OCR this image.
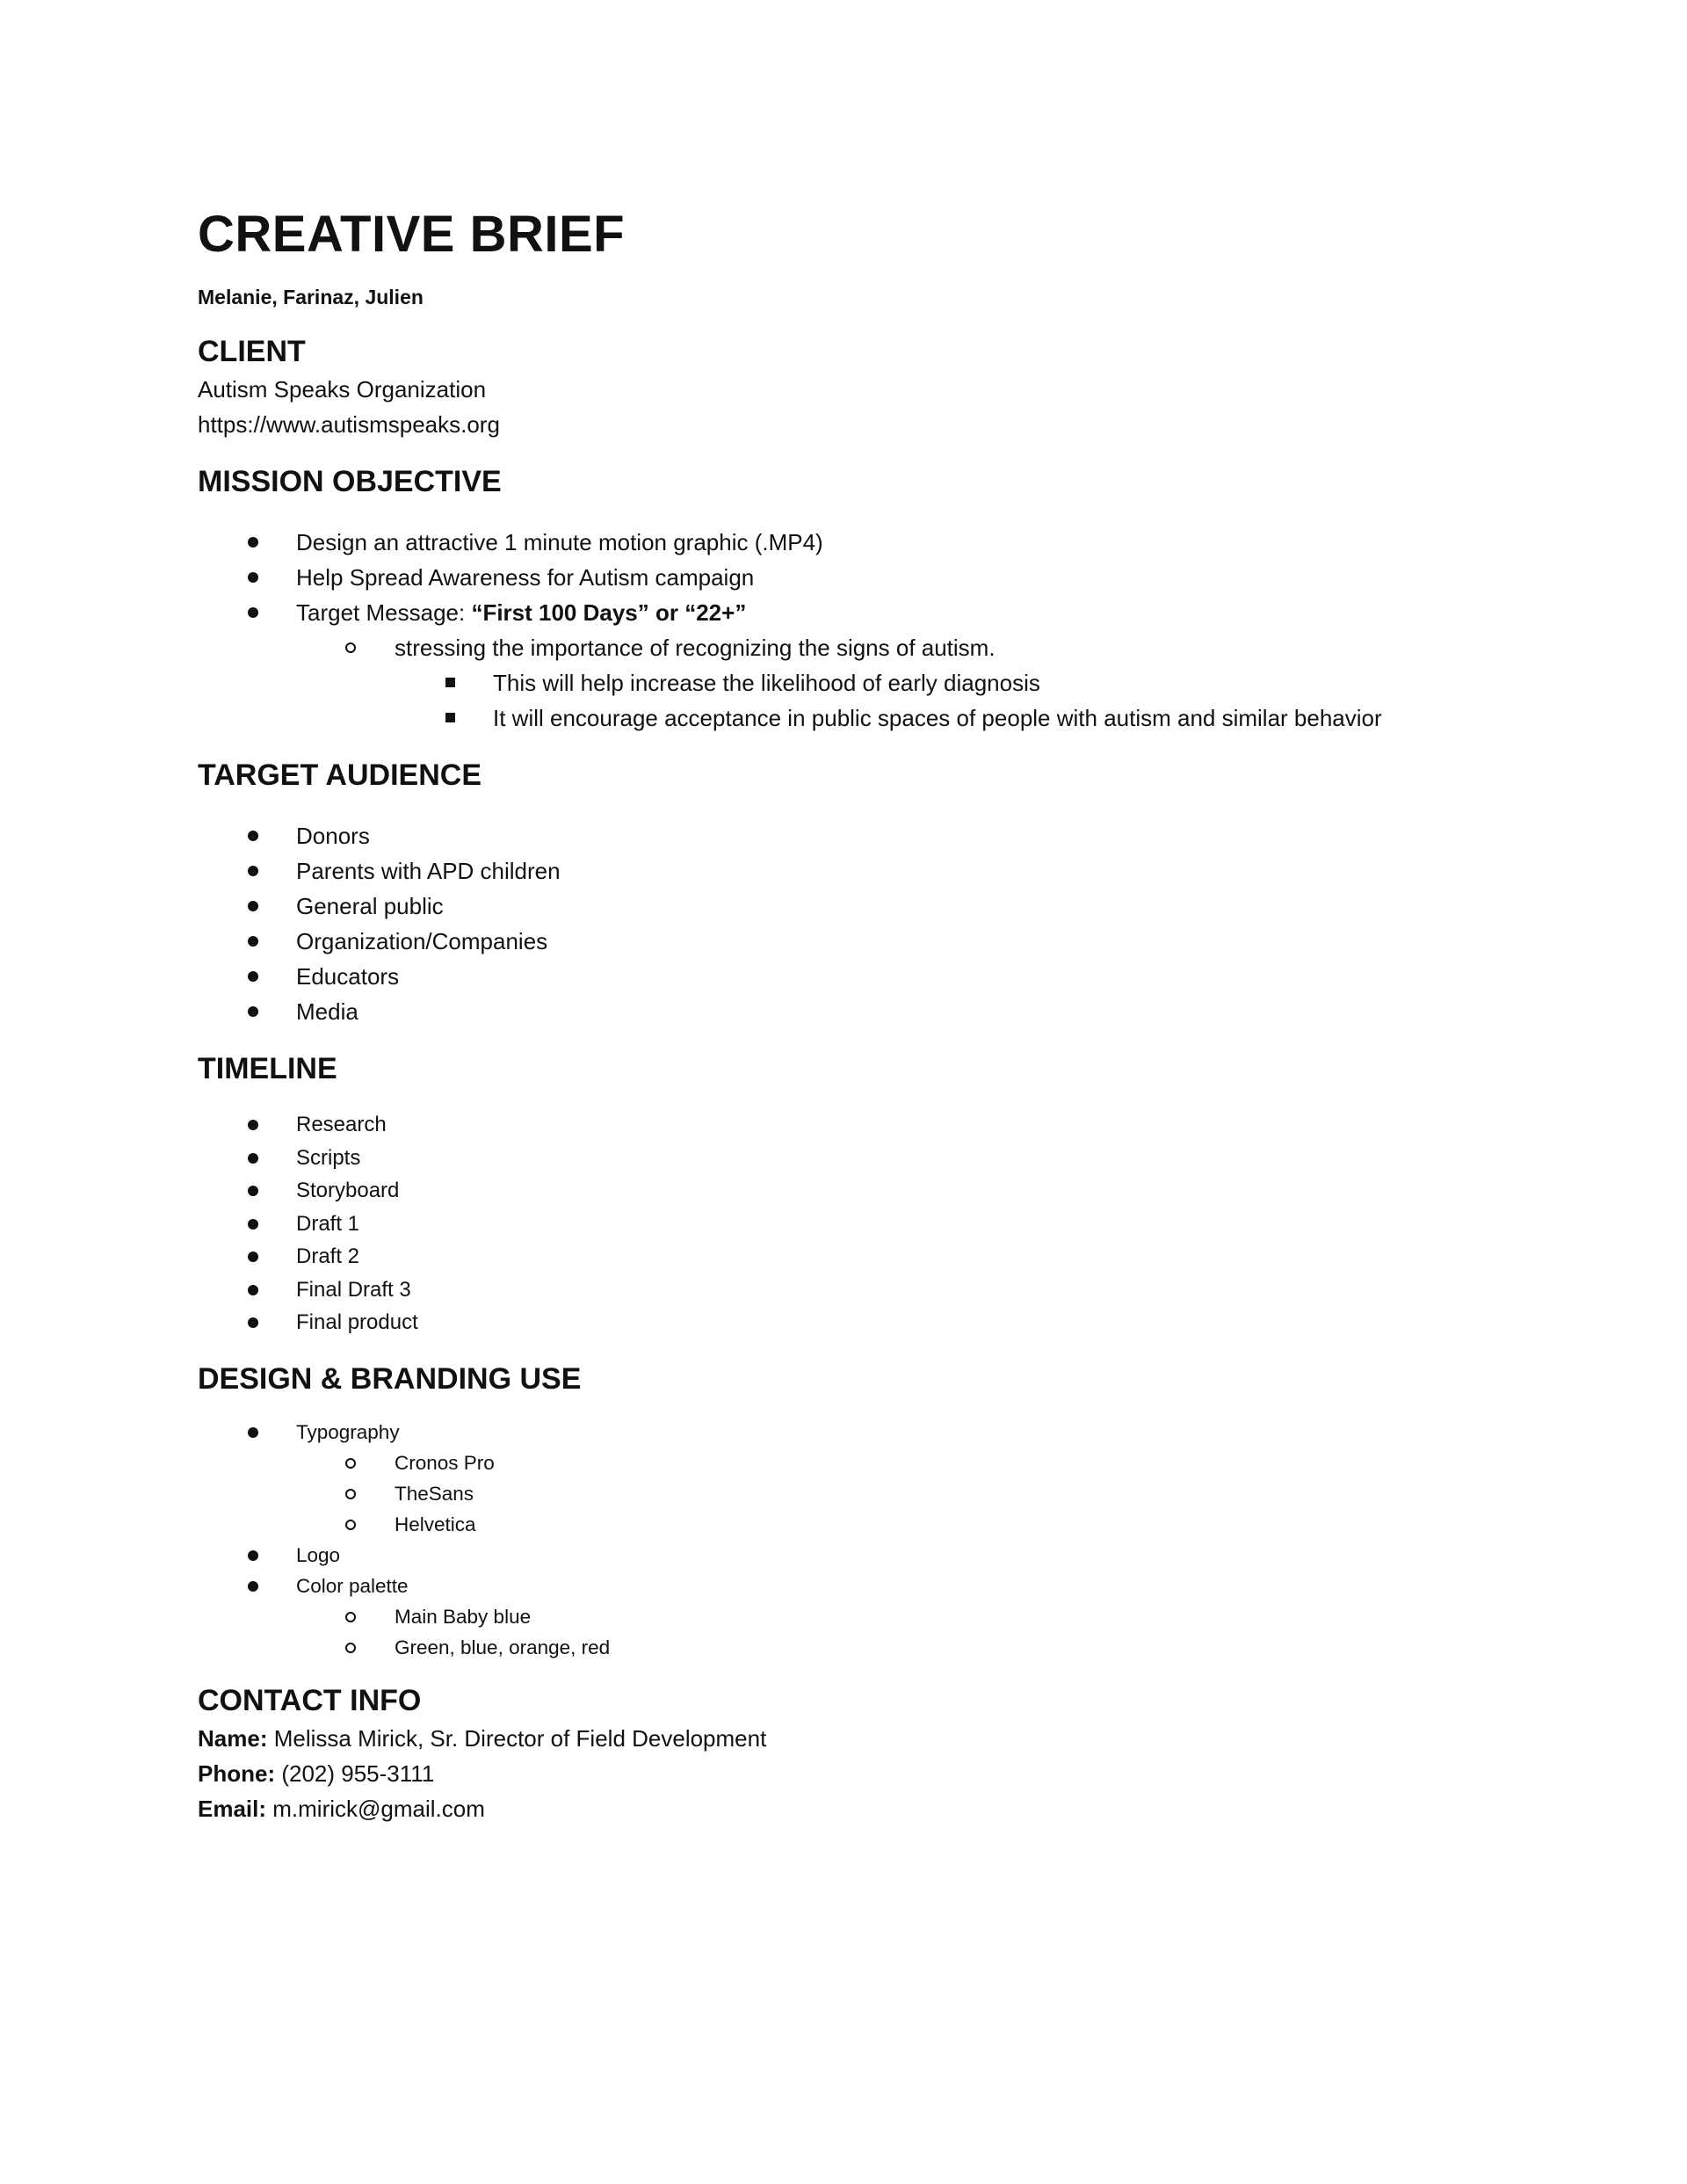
CREATIVE BRIEF

Melanie, Farinaz, Julien

CLIENT

Autism Speaks Organization

https://www.autismspeaks.org

MISSION OBJECTIVE
Design an attractive 1 minute motion graphic (.MP4)
Help Spread Awareness for Autism campaign
Target Message: “First 100 Days” or “22+”
stressing the importance of recognizing the signs of autism.
This will help increase the likelihood of early diagnosis
It will encourage acceptance in public spaces of people with autism and similar behavior
TARGET AUDIENCE
Donors
Parents with APD children
General public
Organization/Companies
Educators
Media
TIMELINE
Research
Scripts
Storyboard
Draft 1
Draft 2
Final Draft 3
Final product
DESIGN & BRANDING USE
Typography
Cronos Pro
TheSans
Helvetica
Logo
Color palette
Main Baby blue
Green, blue, orange, red
CONTACT INFO

Name: Melissa Mirick, Sr. Director of Field Development

Phone: (202) 955-3111

Email: m.mirick@gmail.com
